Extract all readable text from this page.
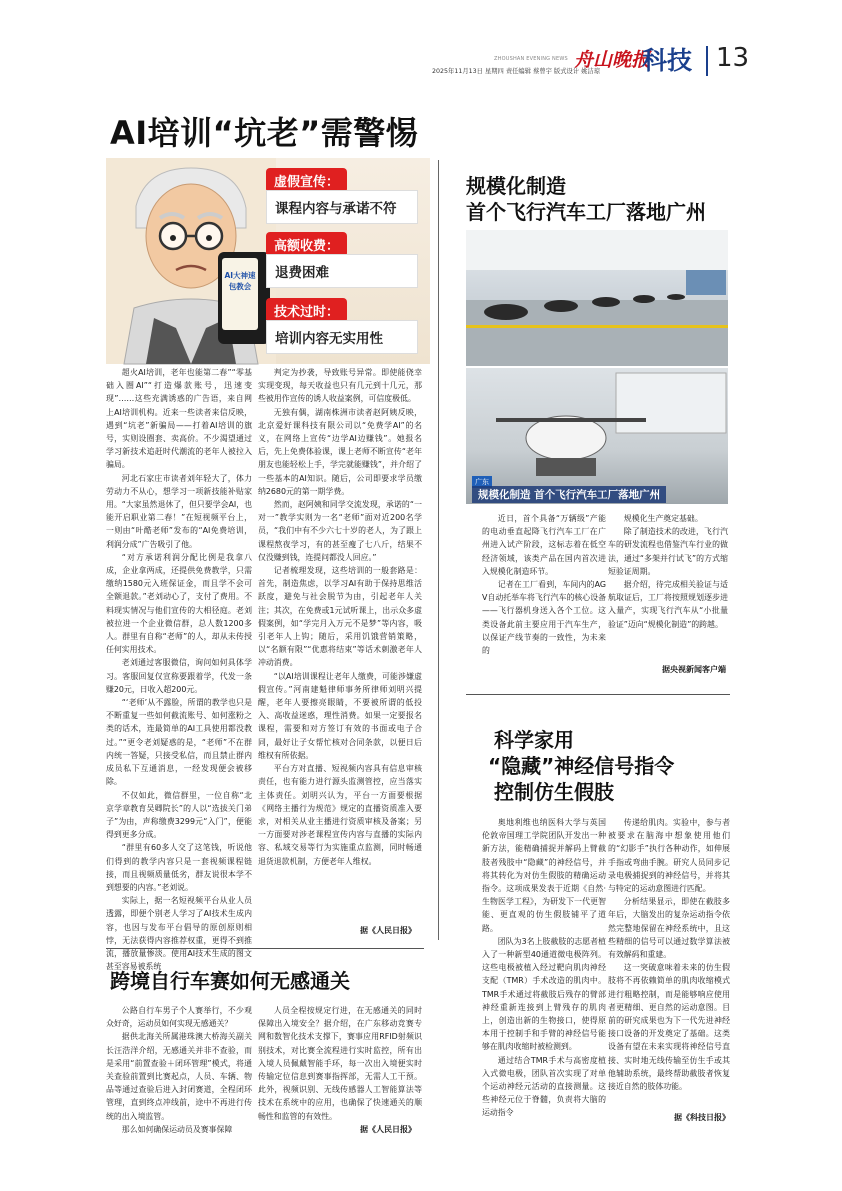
ZHOUSHAN EVENING NEWS 舟山晚报
科技 13
2025年11月13日 星期四 责任编辑 蔡曾宇 版式设计 姚洁琼
AI培训“坑老”需警惕
AI大神速包教会
虚假宣传：
课程内容与承诺不符
高额收费：
退费困难
技术过时：
培训内容无实用性

超火AI培训，老年也能第二春”“零基础入圈AI”“打造爆款账号，迅速变现”……这些充满诱惑的广告语，来自网上AI培训机构。近来一些读者来信反映，遇到“坑老”新骗局——打着AI培训的旗号，实则设圈套、卖高价。不少渴望通过学习新技术追赶时代潮流的老年人被拉入骗局。

河北石家庄市读者刘年轻大了，体力劳动力不从心，想学习一项新技能补贴家用。“大家虽然退休了，但只要学会AI，也能开启职业第二春！”在短视频平台上，一则由“叶酷老师”发布的“AI免费培训，利润分成”广告吸引了他。

“对方承诺利润分配比例是我拿八成，企业拿两成，还提供免费教学，只需缴纳1580元入班保证金，而且学不会可全额退款。”老刘动心了，支付了费用。不料现实情况与他们宣传的大相径庭。老刘被拉进一个企业微信群，总人数1200多人。群里有自称“老师”的人，却从未传授任何实用技术。

老刘通过客服微信，询问如何具体学习。客服回复仅宣称要跟着学，代发一条赚20元，日收入超200元。

“‘老师’从不露脸，所谓的教学也只是不断重复一些如何截流账号、如何涨粉之类的话术，连最简单的AI工具使用都没教过。”“更令老刘疑惑的是，“老师”不在群内统一答疑，只接受私信，而且禁止群内成员私下互通消息，一经发现便会被移除。

不仅如此，微信群里，一位自称“北京学章教育吴卿院长”的人以“选拔关门弟子”为由，声称缴费3299元“入门”，便能得到更多分成。

“群里有60多人交了这笔钱，听说他们得到的教学内容只是一套视频课程链接，而且视频质量低劣，群友说很本学不到想要的内容。”老刘说。

实际上，据一名短视频平台从业人员透露，即便个别老人学习了AI技术生成内容，也因与发布平台倡导的原创原则相悖，无法获得内容推荐权重，更得不到推流，播放量惨淡。使用AI技术生成的图文甚至容易被系统

判定为抄袭，导致账号异常。即使能侥幸实现变现，每天收益也只有几元到十几元，那些被用作宣传的诱人收益案例，可信度极低。

无独有偶，湖南株洲市读者赵阿姨反映，北京爱好课科技有限公司以“免费学AI”的名义，在网络上宣传“边学AI边赚钱”。她报名后，先上免费体验课，课上老师不断宣传“老年朋友也能轻松上手，学完就能赚钱”，并介绍了一些基本的AI知识。随后，公司即要求学员缴纳2680元的第一期学费。

然而，赵阿姨和同学交流发现，承诺的“一对一”教学实则为一名“老师”面对近200名学员，“我们中有不少六七十岁的老人，为了跟上课程熬夜学习，有的甚至瘦了七八斤，结果不仅没赚到钱，连提问都没人回应。”

记者梳理发现，这些培训的一般套路是：首先，制造焦虑，以学习AI有助于保持思维活跃度，避免与社会脱节为由，引起老年人关注；其次，在免费或1元试听课上，出示众多虚假案例，如“学完月入万元不是梦”等内容，吸引老年人上钩；随后，采用饥饿营销策略，以“名额有限”“优惠将结束”等话术刺激老年人冲动消费。

“以AI培训课程让老年人缴费，可能涉嫌虚假宣传。”河南建魁律师事务所律师刘明兴提醒，老年人要擦亮眼睛，不要被所谓的低投入、高收益迷惑，理性消费。如果一定要报名课程，需要和对方签订有效的书面或电子合同，最好让子女帮忙核对合同条款，以便日后维权有所依据。

平台方对直播、短视频内容具有信息审核责任，也有能力进行源头监测管控，应当落实主体责任。刘明兴认为，平台一方面要根据《网络主播行为规范》规定的直播资质准入要求，对相关从业主播进行资质审核及备案；另一方面要对涉老课程宣传内容与直播的实际内容、私域交易等行为实施重点监测，同时畅通退货退款机制，方便老年人维权。

据《人民日报》
规模化制造
首个飞行汽车工厂落地广州
广东
规模化制造 首个飞行汽车工厂落地广州

近日，首个具备“万辆级”产能的电动垂直起降飞行汽车工厂在广州进入试产阶段，这标志着在低空经济领域，该类产品在国内首次进入规模化制造环节。

记者在工厂看到，车间内的AGV自动托举车将飞行汽车的核心设备——飞行器机身送入各个工位。这类设备此前主要应用于汽车生产，以保证产线节奏的一致性，为未来的

规模化生产奠定基础。

除了制造技术的改进，飞行汽车的研发流程也借鉴汽车行业的做法，通过“多架并行试飞”的方式缩短验证周期。

据介绍，待完成相关验证与适航取证后，工厂将按照规划逐步进入量产，实现飞行汽车从“小批量验证”迈向“规模化制造”的跨越。

据央视新闻客户端
科学家用
“隐藏”神经信号指令
控制仿生假肢

奥地利维也纳医科大学与英国伦敦帝国理工学院团队开发出一种新方法，能精确捕捉并解码上臂截肢者残肢中“隐藏”的神经信号，并将其转化为对仿生假肢的精确运动指令。这项成果发表于近期《自然·生物医学工程》，为研发下一代更智能、更直观的仿生假肢铺平了道路。

团队为3名上肢截肢的志愿者植入了一种新型40通道微电极阵列。这些电极被植入经过靶向肌肉神经支配（TMR）手术改造的肌肉中。TMR手术通过将截肢后残存的臂部神经重新连接到上臂残存的肌肉上，创造出新的生物接口，使得原本用于控制手和手臂的神经信号能够在肌肉收缩时被检测到。

通过结合TMR手术与高密度植入式微电极，团队首次实现了对单个运动神经元活动的直接测量。这些神经元位于脊髓，负责将大脑的运动指令

传递给肌肉。实验中，参与者被要求在脑海中想象使用他们的“幻影手”执行各种动作，如伸展手指或弯曲手腕。研究人员同步记录电极捕捉到的神经信号，并将其与特定的运动意图进行匹配。

分析结果显示，即使在截肢多年后，大脑发出的复杂运动指令依然完整地保留在神经系统中，且这些精细的信号可以通过数学算法被有效解码和重建。

这一突破意味着未来的仿生假肢将不再依赖简单的肌肉收缩模式进行粗略控制，而是能够响应使用者更精细、更自然的运动意图。目前的研究成果也为下一代先进神经接口设备的开发奠定了基础。这类设备有望在未来实现将神经信号直接、实时地无线传输至仿生手或其他辅助系统，最终帮助截肢者恢复接近自然的肢体功能。

据《科技日报》
跨境自行车赛如何无感通关

公路自行车男子个人赛举行，不少观众好奇，运动员如何实现无感通关？

据供北海关所属港珠澳大桥海关副关长汪浩洋介绍，无感通关并非不查验，而是采用“前置查验＋闭环管理”模式，将通关查验前置到比赛起点，人员、车辆、物品等通过查验后进入封闭赛道，全程闭环管理，直到终点冲线前，途中不再进行传统的出入境监管。

那么如何确保运动员及赛事保障

人员全程按规定行进，在无感通关的同时保障出入境安全？据介绍，在广东移动竞赛专网和数智化技术支撑下，赛事应用RFID射频识别技术，对比赛全流程进行实时监控，所有出入境人员佩戴智能手环，每一次出入境便实时传输定位信息到赛事指挥部，无需人工干预。此外，视频识别、无线传感器人工智能算法等技术在系统中的应用，也确保了快速通关的顺畅性和监管的有效性。

据《人民日报》
